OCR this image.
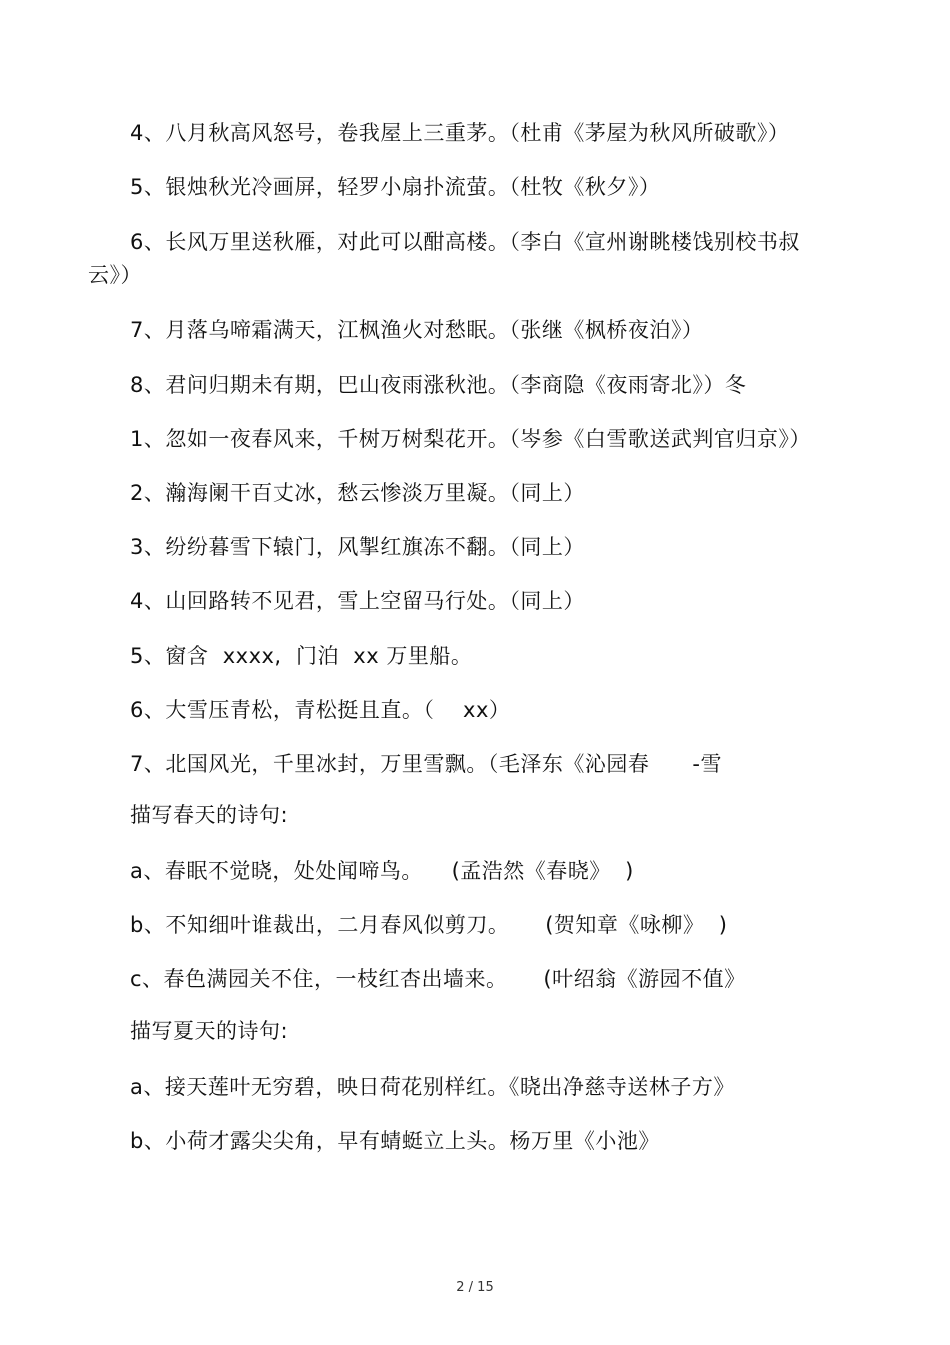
4、八月秋高风怒号，卷我屋上三重茅。（杜甫《茅屋为秋风所破歌》）
5、银烛秋光冷画屏，轻罗小扇扑流萤。（杜牧《秋夕》）
6、长风万里送秋雁，对此可以酣高楼。（李白《宣州谢眺楼饯别校书叔
云》）
7、月落乌啼霜满天，江枫渔火对愁眠。（张继《枫桥夜泊》）
8、君问归期未有期，巴山夜雨涨秋池。（李商隐《夜雨寄北》）冬
1、忽如一夜春风来，千树万树梨花开。（岑参《白雪歌送武判官归京》）
2、瀚海阑干百丈冰，愁云惨淡万里凝。（同上）
3、纷纷暮雪下辕门，风掣红旗冻不翻。（同上）
4、山回路转不见君，雪上空留马行处。（同上）
5、窗含  xxxx,  门泊  xx 万里船。
6、大雪压青松，青松挺且直。（    xx）
7、北国风光，千里冰封，万里雪飘。（毛泽东《沁园春      -雪
描写春天的诗句:
a、春眠不觉晓，处处闻啼鸟。    (孟浩然《春晓》  )
b、不知细叶谁裁出，二月春风似剪刀。     (贺知章《咏柳》  )
c、春色满园关不住，一枝红杏出墙来。     (叶绍翁《游园不值》
描写夏天的诗句:
a、接天莲叶无穷碧，映日荷花别样红。《晓出净慈寺送林子方》
b、小荷才露尖尖角，早有蜻蜓立上头。杨万里《小池》
2 / 15
